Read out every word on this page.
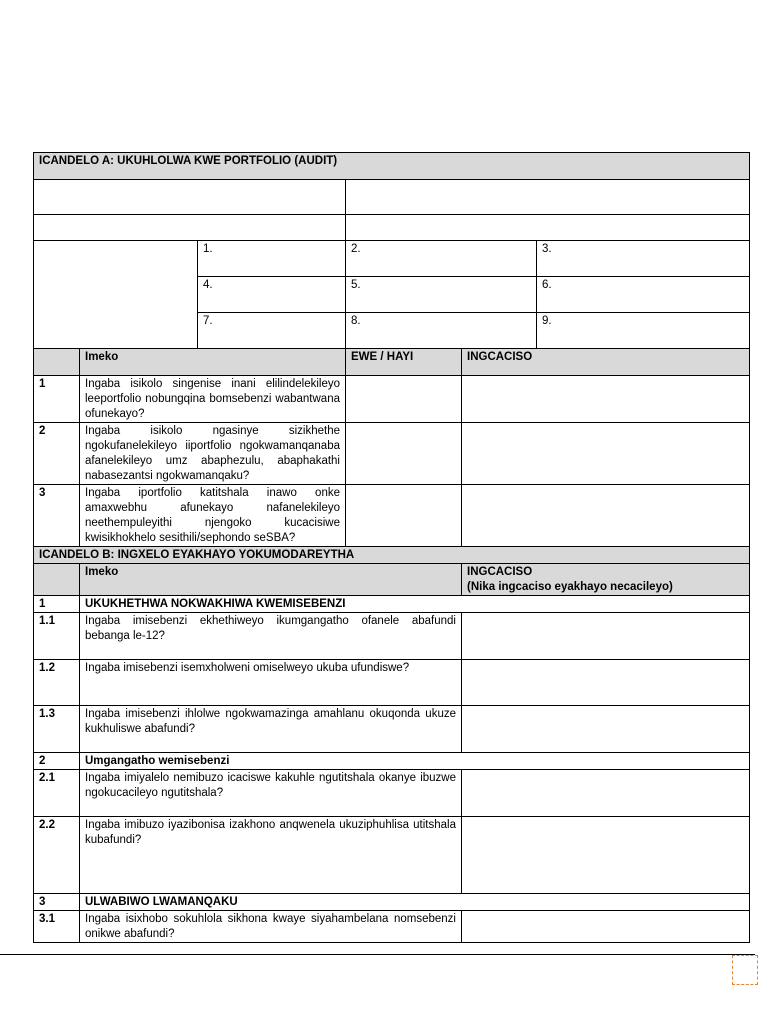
ICANDELO A: UKUHLOLWA KWE PORTFOLIO (AUDIT)					

		1.	2.		3.
		4.	5.		6.
		7.	8.		9.
	Imeko		EWE / HAYI	INGCACISO	
1	Ingaba isikolo singenise inani elilindelekileyo leeportfolio nobungqina bomsebenzi wabantwana ofunekayo?				
2	Ingaba isikolo ngasinye sizikhethe ngokufanelekileyo iiportfolio ngokwamanqanaba afanelekileyo umz abaphezulu, abaphakathi nabasezantsi ngokwamanqaku?				
3	Ingaba iportfolio katitshala inawo onke amaxwebhu afunekayo nafanelekileyo neethempuleyithi njengoko kucacisiwe kwisikhokhelo sesithili/sephondo seSBA?				
ICANDELO B: INGXELO EYAKHAYO YOKUMODAREYTHA					
	Imeko			INGCACISO
(Nika ingcaciso eyakhayo necacileyo)	

1	UKUKHETHWA NOKWAKHIWA KWEMISEBENZI				
1.1	Ingaba imisebenzi ekhethiweyo ikumgangatho ofanele abafundi bebanga le-12?				
1.2	Ingaba imisebenzi isemxholweni omiselweyo ukuba ufundiswe?				
1.3	Ingaba imisebenzi ihlolwe ngokwamazinga amahlanu okuqonda ukuze kukhuliswe abafundi?				
2	Umgangatho wemisebenzi				
2.1	Ingaba imiyalelo nemibuzo icaciswe kakuhle ngutitshala okanye ibuzwe ngokucacileyo ngutitshala?				
2.2	Ingaba imibuzo iyazibonisa izakhono anqwenela ukuziphuhlisa utitshala kubafundi?				
3	ULWABIWO LWAMANQAKU				
3.1	Ingaba isixhobo sokuhlola sikhona kwaye siyahambelana nomsebenzi onikwe abafundi?				
